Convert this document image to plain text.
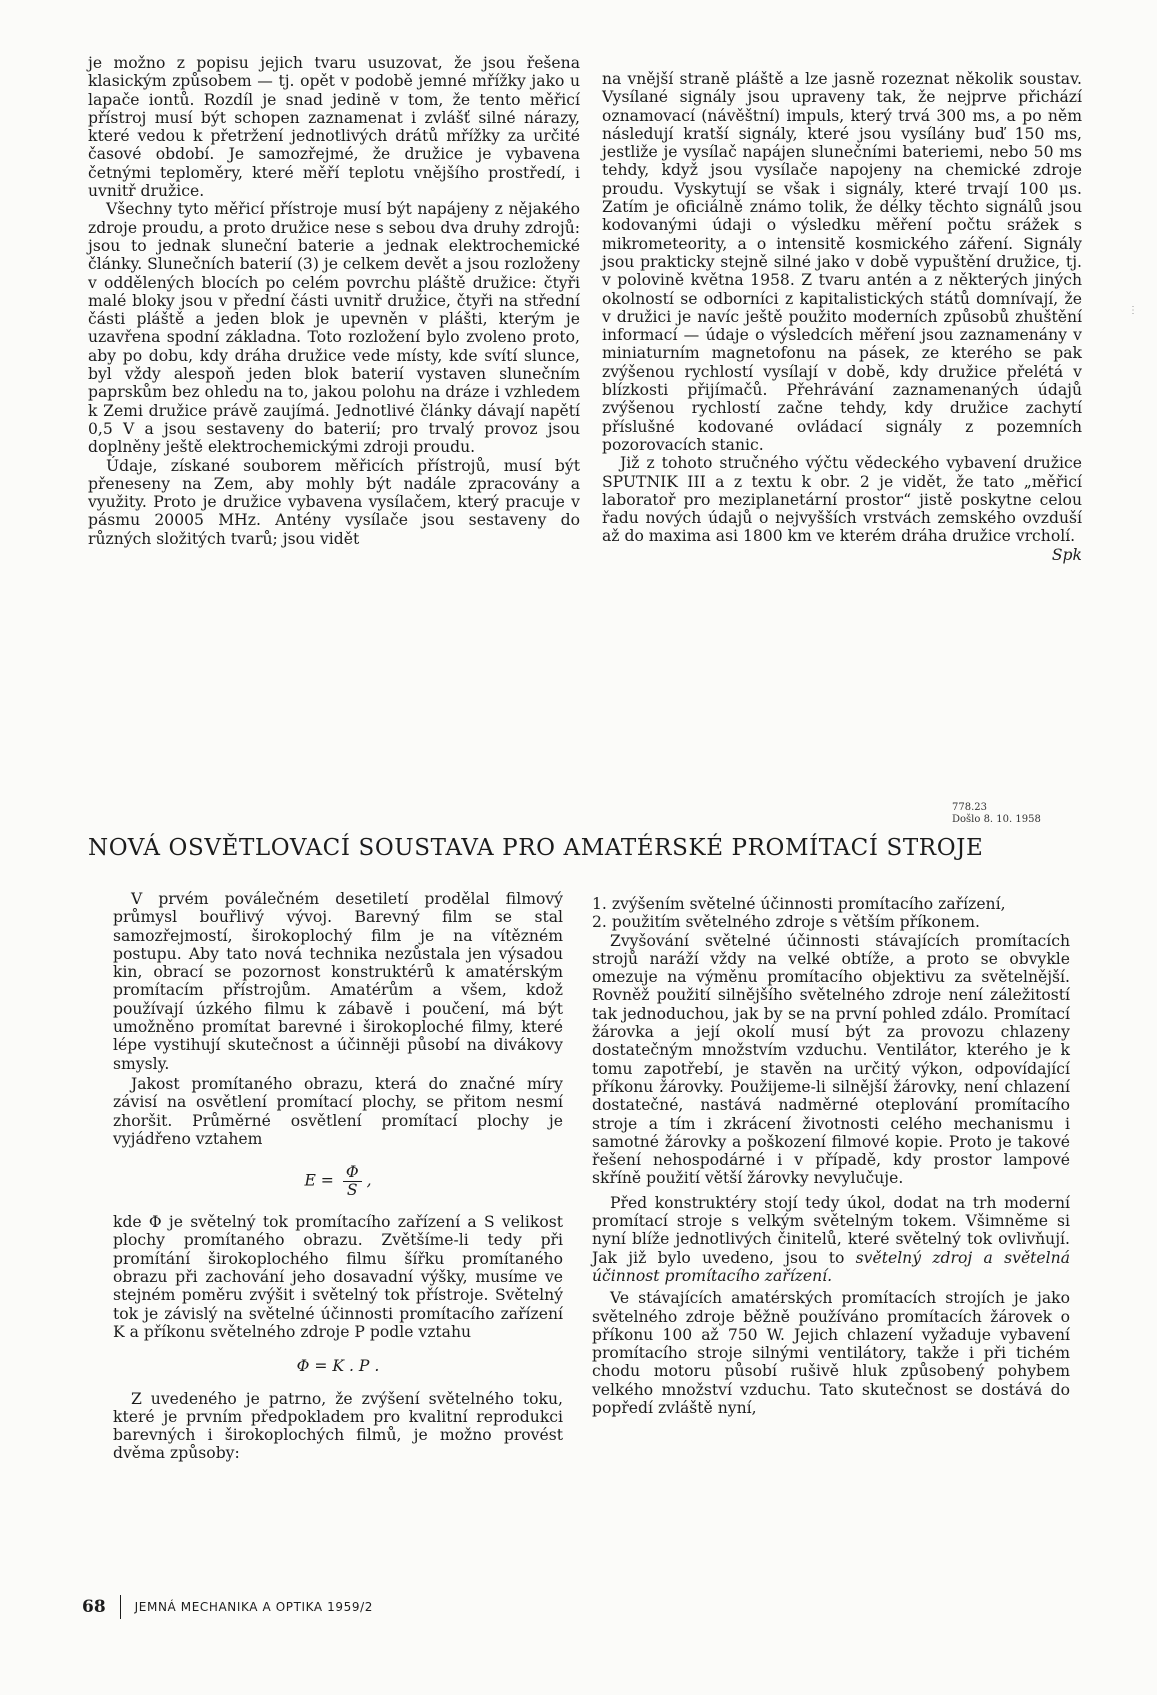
je možno z popisu jejich tvaru usuzovat, že jsou řešena klasickým způsobem — tj. opět v podobě jemné mřížky jako u lapače iontů. Rozdíl je snad jedině v tom, že tento měřicí přístroj musí být schopen zaznamenat i zvlášť silné nárazy, které vedou k přetržení jednotlivých drátů mřížky za určité časové období. Je samozřejmé, že družice je vybavena četnými teploměry, které měří teplotu vnějšího prostředí, i uvnitř družice.

Všechny tyto měřicí přístroje musí být napájeny z nějakého zdroje proudu, a proto družice nese s sebou dva druhy zdrojů: jsou to jednak sluneční baterie a jednak elektrochemické články. Slunečních baterií (3) je celkem devět a jsou rozloženy v oddělených blocích po celém povrchu pláště družice: čtyři malé bloky jsou v přední části uvnitř družice, čtyři na střední části pláště a jeden blok je upevněn v plášti, kterým je uzavřena spodní základna. Toto rozložení bylo zvoleno proto, aby po dobu, kdy dráha družice vede místy, kde svítí slunce, byl vždy alespoň jeden blok baterií vystaven slunečním paprskům bez ohledu na to, jakou polohu na dráze i vzhledem k Zemi družice právě zaujímá. Jednotlivé články dávají napětí 0,5 V a jsou sestaveny do baterií; pro trvalý provoz jsou doplněny ještě elektrochemickými zdroji proudu.

Údaje, získané souborem měřicích přístrojů, musí být přeneseny na Zem, aby mohly být nadále zpracovány a využity. Proto je družice vybavena vysílačem, který pracuje v pásmu 20005 MHz. Antény vysílače jsou sestaveny do různých složitých tvarů; jsou vidět

na vnější straně pláště a lze jasně rozeznat několik soustav. Vysílané signály jsou upraveny tak, že nejprve přichází oznamovací (návěštní) impuls, který trvá 300 ms, a po něm následují kratší signály, které jsou vysílány buď 150 ms, jestliže je vysílač napájen slunečními bateriemi, nebo 50 ms tehdy, když jsou vysílače napojeny na chemické zdroje proudu. Vyskytují se však i signály, které trvají 100 μs. Zatím je oficiálně známo tolik, že délky těchto signálů jsou kodovanými údaji o výsledku měření počtu srážek s mikrometeority, a o intensitě kosmického záření. Signály jsou prakticky stejně silné jako v době vypuštění družice, tj. v polovině května 1958. Z tvaru antén a z některých jiných okolností se odborníci z kapitalistických států domnívají, že v družici je navíc ještě použito moderních způsobů zhuštění informací — údaje o výsledcích měření jsou zaznamenány v miniaturním magnetofonu na pásek, ze kterého se pak zvýšenou rychlostí vysílají v době, kdy družice přelétá v blízkosti přijímačů. Přehrávání zaznamenaných údajů zvýšenou rychlostí začne tehdy, kdy družice zachytí příslušné kodované ovládací signály z pozemních pozorovacích stanic.

Již z tohoto stručného výčtu vědeckého vybavení družice SPUTNIK III a z textu k obr. 2 je vidět, že tato „měřicí laboratoř pro meziplanetární prostor“ jistě poskytne celou řadu nových údajů o nejvyšších vrstvách zemského ovzduší až do maxima asi 1800 km ve kterém dráha družice vrcholí.

Spk

⋮
778.23
Došlo 8. 10. 1958
NOVÁ OSVĚTLOVACÍ SOUSTAVA PRO AMATÉRSKÉ PROMÍTACÍ STROJE

V prvém poválečném desetiletí prodělal filmový průmysl bouřlivý vývoj. Barevný film se stal samozřejmostí, širokoplochý film je na vítězném postupu. Aby tato nová technika nezůstala jen výsadou kin, obrací se pozornost konstruktérů k amatérským promítacím přístrojům. Amatérům a všem, kdož používají úzkého filmu k zábavě i poučení, má být umožněno promítat barevné i širokoploché filmy, které lépe vystihují skutečnost a účinněji působí na divákovy smysly.

Jakost promítaného obrazu, která do značné míry závisí na osvětlení promítací plochy, se přitom nesmí zhoršit. Průměrné osvětlení promítací plochy je vyjádřeno vztahem

$E = \frac{\Phi}{S}$ ,

kde Φ je světelný tok promítacího zařízení a S velikost plochy promítaného obrazu. Zvětšíme-li tedy při promítání širokoplochého filmu šířku promítaného obrazu při zachování jeho dosavadní výšky, musíme ve stejném poměru zvýšit i světelný tok přístroje. Světelný tok je závislý na světelné účinnosti promítacího zařízení K a příkonu světelného zdroje P podle vztahu

Φ = K . P .

Z uvedeného je patrno, že zvýšení světelného toku, které je prvním předpokladem pro kvalitní reprodukci barevných i širokoplochých filmů, je možno provést dvěma způsoby:

1. zvýšením světelné účinnosti promítacího zařízení,

2. použitím světelného zdroje s větším příkonem.

Zvyšování světelné účinnosti stávajících promítacích strojů naráží vždy na velké obtíže, a proto se obvykle omezuje na výměnu promítacího objektivu za světelnější. Rovněž použití silnějšího světelného zdroje není záležitostí tak jednoduchou, jak by se na první pohled zdálo. Promítací žárovka a její okolí musí být za provozu chlazeny dostatečným množstvím vzduchu. Ventilátor, kterého je k tomu zapotřebí, je stavěn na určitý výkon, odpovídající příkonu žárovky. Použijeme-li silnější žárovky, není chlazení dostatečné, nastává nadměrné oteplování promítacího stroje a tím i zkrácení životnosti celého mechanismu i samotné žárovky a poškození filmové kopie. Proto je takové řešení nehospodárné i v případě, kdy prostor lampové skříně použití větší žárovky nevylučuje.

Před konstruktéry stojí tedy úkol, dodat na trh moderní promítací stroje s velkým světelným tokem. Všimněme si nyní blíže jednotlivých činitelů, které světelný tok ovlivňují. Jak již bylo uvedeno, jsou to světelný zdroj a světelná účinnost promítacího zařízení.

Ve stávajících amatérských promítacích strojích je jako světelného zdroje běžně používáno promítacích žárovek o příkonu 100 až 750 W. Jejich chlazení vyžaduje vybavení promítacího stroje silnými ventilátory, takže i při tichém chodu motoru působí rušivě hluk způsobený pohybem velkého množství vzduchu. Tato skutečnost se dostává do popředí zvláště nyní,

68 JEMNÁ MECHANIKA A OPTIKA 1959/2
